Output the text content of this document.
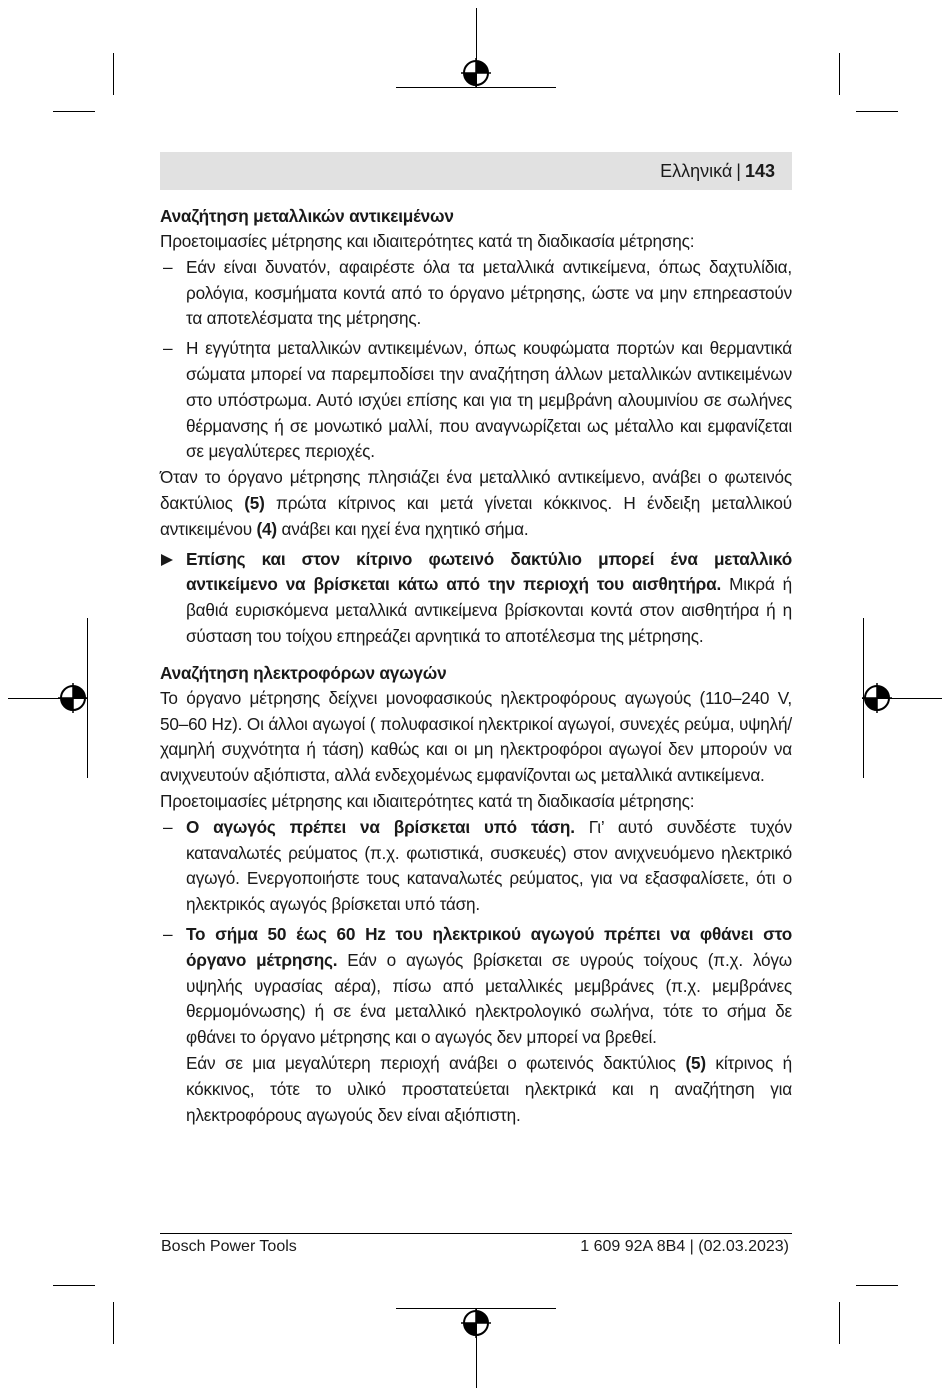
Ελληνικά | 143
Αναζήτηση μεταλλικών αντικειμένων

Προετοιμασίες μέτρησης και ιδιαιτερότητες κατά τη διαδικασία μέτρησης:

– Εάν είναι δυνατόν, αφαιρέστε όλα τα μεταλλικά αντικείμενα, όπως δαχτυλίδια, ρολόγια, κοσμήματα κοντά από το όργανο μέτρησης, ώστε να μην επηρεαστούν τα αποτελέσματα της μέτρησης.
– Η εγγύτητα μεταλλικών αντικειμένων, όπως κουφώματα πορτών και θερμαντικά σώματα μπορεί να παρεμποδίσει την αναζήτηση άλλων μεταλλικών αντικειμένων στο υπόστρωμα. Αυτό ισχύει επίσης και για τη μεμβράνη αλουμινίου σε σωλήνες θέρμανσης ή σε μονωτικό μαλλί, που αναγνωρίζεται ως μέταλλο και εμφανίζεται σε μεγαλύτερες περιοχές.

Όταν το όργανο μέτρησης πλησιάζει ένα μεταλλικό αντικείμενο, ανάβει ο φωτεινός δακτύλιος (5) πρώτα κίτρινος και μετά γίνεται κόκκινος. Η ένδειξη μεταλλικού αντικειμένου (4) ανάβει και ηχεί ένα ηχητικό σήμα.

Επίσης και στον κίτρινο φωτεινό δακτύλιο μπορεί ένα μεταλλικό αντικείμενο να βρίσκεται κάτω από την περιοχή του αισθητήρα. Μικρά ή βαθιά ευρισκόμενα μεταλλικά αντικείμενα βρίσκονται κοντά στον αισθητήρα ή η σύσταση του τοίχου επηρεάζει αρνητικά το αποτέλεσμα της μέτρησης.
Αναζήτηση ηλεκτροφόρων αγωγών

Το όργανο μέτρησης δείχνει μονοφασικούς ηλεκτροφόρους αγωγούς (110–240 V, 50–60 Hz). Οι άλλοι αγωγοί ( πολυφασικοί ηλεκτρικοί αγωγοί, συνεχές ρεύμα, υψηλή/χαμηλή συχνότητα ή τάση) καθώς και οι μη ηλεκτροφόροι αγωγοί δεν μπορούν να ανιχνευτούν αξιόπιστα, αλλά ενδεχομένως εμφανίζονται ως μεταλλικά αντικείμενα.

Προετοιμασίες μέτρησης και ιδιαιτερότητες κατά τη διαδικασία μέτρησης:

– Ο αγωγός πρέπει να βρίσκεται υπό τάση. Γι’ αυτό συνδέστε τυχόν καταναλωτές ρεύματος (π.χ. φωτιστικά, συσκευές) στον ανιχνευόμενο ηλεκτρικό αγωγό. Ενεργοποιήστε τους καταναλωτές ρεύματος, για να εξασφαλίσετε, ότι ο ηλεκτρικός αγωγός βρίσκεται υπό τάση.
– Το σήμα 50 έως 60 Hz του ηλεκτρικού αγωγού πρέπει να φθάνει στο όργανο μέτρησης. Εάν ο αγωγός βρίσκεται σε υγρούς τοίχους (π.χ. λόγω υψηλής υγρασίας αέρα), πίσω από μεταλλικές μεμβράνες (π.χ. μεμβράνες θερμομόνωσης) ή σε ένα μεταλλικό ηλεκτρολογικό σωλήνα, τότε το σήμα δε φθάνει το όργανο μέτρησης και ο αγωγός δεν μπορεί να βρεθεί.
Εάν σε μια μεγαλύτερη περιοχή ανάβει ο φωτεινός δακτύλιος (5) κίτρινος ή κόκκινος, τότε το υλικό προστατεύεται ηλεκτρικά και η αναζήτηση για ηλεκτροφόρους αγωγούς δεν είναι αξιόπιστη.
Bosch Power Tools	1 609 92A 8B4 | (02.03.2023)
